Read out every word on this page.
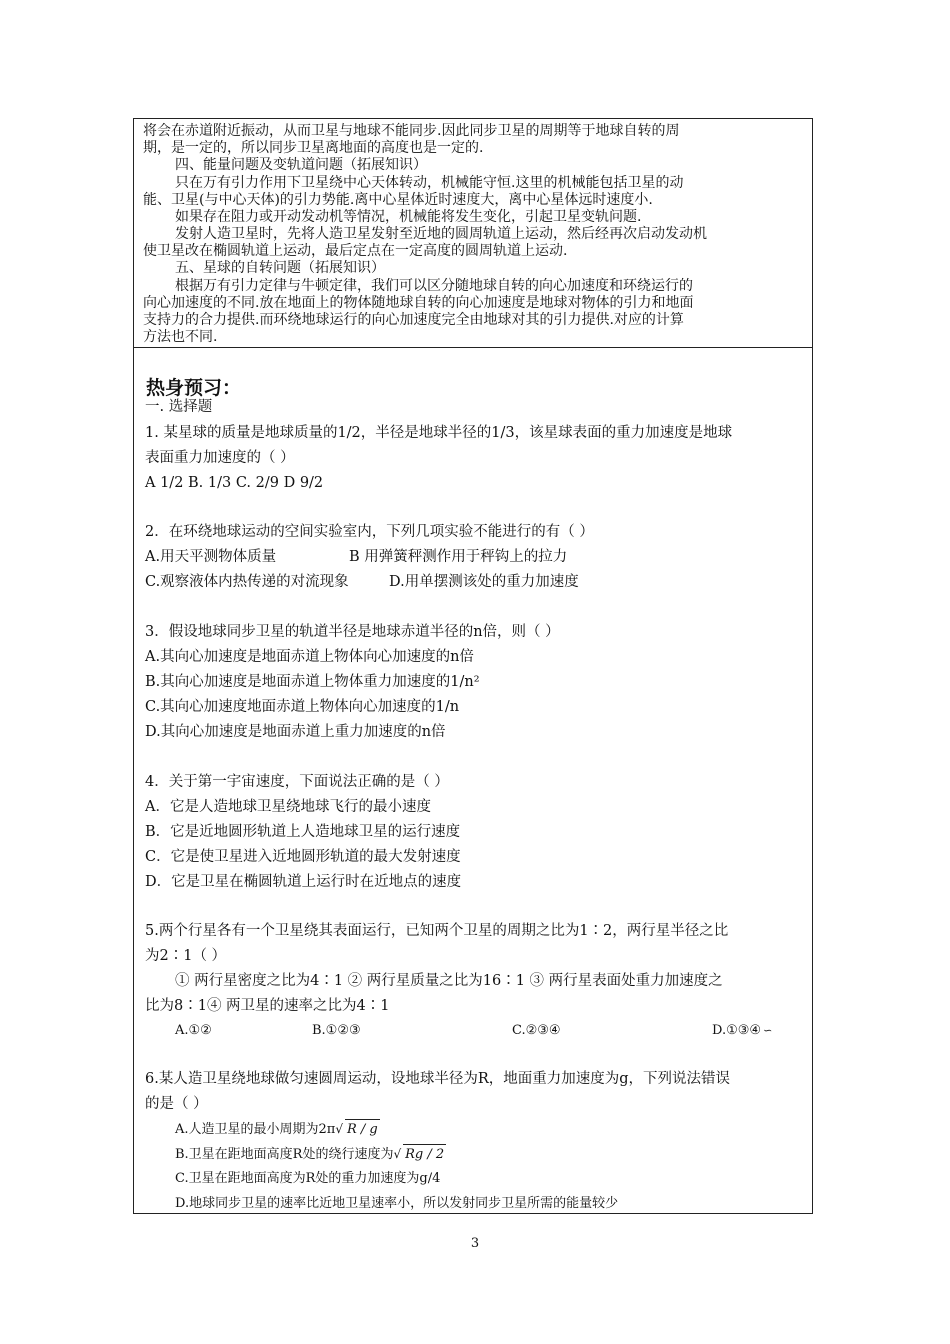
将会在赤道附近振动，从而卫星与地球不能同步.因此同步卫星的周期等于地球自转的周
期，是一定的，所以同步卫星离地面的高度也是一定的.
四、能量问题及变轨道问题（拓展知识）
只在万有引力作用下卫星绕中心天体转动，机械能守恒.这里的机械能包括卫星的动
能、卫星(与中心天体)的引力势能.离中心星体近时速度大，离中心星体远时速度小.
如果存在阻力或开动发动机等情况，机械能将发生变化，引起卫星变轨问题.
发射人造卫星时，先将人造卫星发射至近地的圆周轨道上运动，然后经再次启动发动机
使卫星改在椭圆轨道上运动，最后定点在一定高度的圆周轨道上运动.
五、星球的自转问题（拓展知识）
根据万有引力定律与牛顿定律，我们可以区分随地球自转的向心加速度和环绕运行的
向心加速度的不同.放在地面上的物体随地球自转的向心加速度是地球对物体的引力和地面
支持力的合力提供.而环绕地球运行的向心加速度完全由地球对其的引力提供.对应的计算
方法也不同.
热身预习：
一. 选择题
1. 某星球的质量是地球质量的1/2，半径是地球半径的1/3，该星球表面的重力加速度是地球
表面重力加速度的（ ）
A 1/2 B. 1/3 C. 2/9 D 9/2
2．在环绕地球运动的空间实验室内，下列几项实验不能进行的有（ ）
A.用天平测物体质量	B 用弹簧秤测作用于秤钩上的拉力
C.观察液体内热传递的对流现象	D.用单摆测该处的重力加速度
3．假设地球同步卫星的轨道半径是地球赤道半径的n倍，则（ ）
A.其向心加速度是地面赤道上物体向心加速度的n倍
B.其向心加速度是地面赤道上物体重力加速度的1/n²
C.其向心加速度地面赤道上物体向心加速度的1/n
D.其向心加速度是地面赤道上重力加速度的n倍
4．关于第一宇宙速度，下面说法正确的是（ ）
A．它是人造地球卫星绕地球飞行的最小速度
B．它是近地圆形轨道上人造地球卫星的运行速度
C．它是使卫星进入近地圆形轨道的最大发射速度
D．它是卫星在椭圆轨道上运行时在近地点的速度
5.两个行星各有一个卫星绕其表面运行，已知两个卫星的周期之比为1∶2，两行星半径之比
为2∶1（ ）
① 两行星密度之比为4∶1 ② 两行星质量之比为16∶1 ③ 两行星表面处重力加速度之
比为8∶1④ 两卫星的速率之比为4∶1
A.①②	B.①②③	C.②③④	D.①③④ ∽
6.某人造卫星绕地球做匀速圆周运动，设地球半径为R，地面重力加速度为g，下列说法错误
的是（ ）
A.人造卫星的最小周期为2π√ R / g
B.卫星在距地面高度R处的绕行速度为√ Rg / 2
C.卫星在距地面高度为R处的重力加速度为g/4
D.地球同步卫星的速率比近地卫星速率小，所以发射同步卫星所需的能量较少
3
